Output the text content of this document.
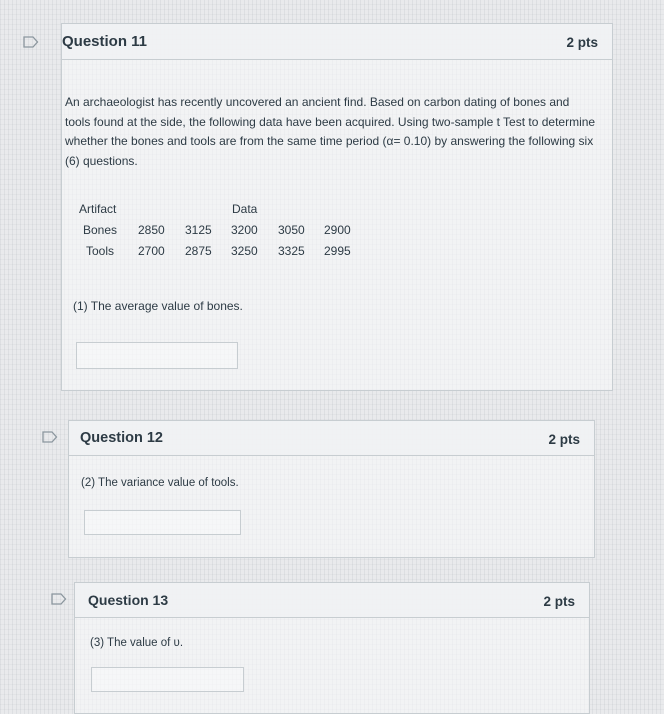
Question 11	2 pts
An archaeologist has recently uncovered an ancient find. Based on carbon dating of bones and tools found at the side, the following data have been acquired. Using two-sample t Test to determine whether the bones and tools are from the same time period (α= 0.10) by answering the following six (6) questions.
Artifact	Data
Bones 2850 3125 3200 3050 2900
Tools 2700 2875 3250 3325 2995
(1) The average value of bones.
Question 12	2 pts
(2) The variance value of tools.
Question 13	2 pts
(3) The value of υ.
